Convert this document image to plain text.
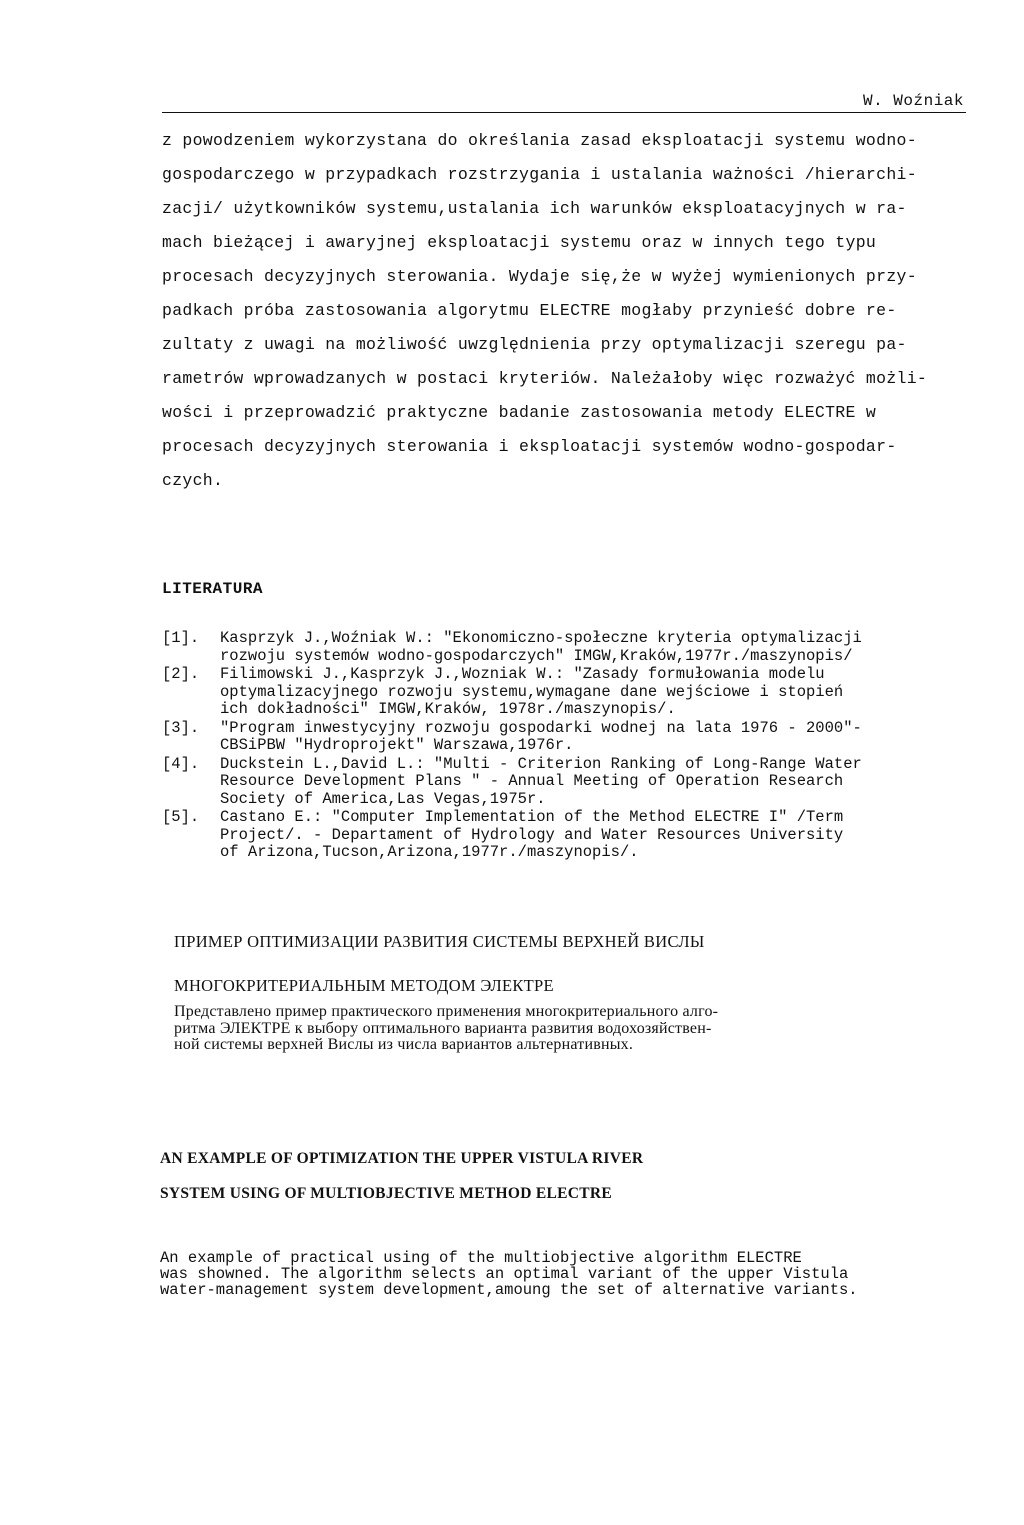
W. Woźniak
z powodzeniem wykorzystana do określania zasad eksploatacji systemu wodno-
gospodarczego w przypadkach rozstrzygania i ustalania ważności /hierarchi-
zacji/ użytkowników systemu,ustalania ich warunków eksploatacyjnych w ra-
mach bieżącej i awaryjnej eksploatacji systemu oraz w innych tego typu
procesach decyzyjnych sterowania. Wydaje się,że w wyżej wymienionych przy-
padkach próba zastosowania algorytmu ELECTRE mogłaby przynieść dobre re-
zultaty z uwagi na możliwość uwzględnienia przy optymalizacji szeregu pa-
rametrów wprowadzanych w postaci kryteriów. Należałoby więc rozważyć możli-
wości i przeprowadzić praktyczne badanie zastosowania metody ELECTRE w
procesach decyzyjnych sterowania i eksploatacji systemów wodno-gospodar-
czych.
LITERATURA
[1].	Kasprzyk J.,Woźniak W.: "Ekonomiczno-społeczne kryteria optymalizacji
rozwoju systemów wodno-gospodarczych" IMGW,Kraków,1977r./maszynopis/
[2].	Filimowski J.,Kasprzyk J.,Wozniak W.: "Zasady formułowania modelu
optymalizacyjnego rozwoju systemu,wymagane dane wejściowe i stopień
ich dokładności" IMGW,Kraków, 1978r./maszynopis/.
[3].	"Program inwestycyjny rozwoju gospodarki wodnej na lata 1976 - 2000"-
CBSiPBW "Hydroprojekt" Warszawa,1976r.
[4].	Duckstein L.,David L.: "Multi - Criterion Ranking of Long-Range Water
Resource Development Plans " - Annual Meeting of Operation Research
Society of America,Las Vegas,1975r.
[5].	Castano E.: "Computer Implementation of the Method ELECTRE I" /Term
Project/. - Departament of Hydrology and Water Resources University
of Arizona,Tucson,Arizona,1977r./maszynopis/.
ПРИМЕР ОПТИМИЗАЦИИ РАЗВИТИЯ СИСТЕМЫ ВЕРХНЕЙ ВИСЛЫ
МНОГОКРИТЕРИАЛЬНЫМ МЕТОДОМ ЭЛЕКТРЕ
Представлено пример практического применения многокритериального алго-
ритма ЭЛЕКТРЕ к выбору оптимального варианта развития водохозяйствен-
ной системы верхней Вислы из числа вариантов альтернативных.
AN EXAMPLE OF OPTIMIZATION THE UPPER VISTULA RIVER
SYSTEM USING OF MULTIOBJECTIVE METHOD ELECTRE
An example of practical using of the multiobjective algorithm ELECTRE
was showned. The algorithm selects an optimal variant of the upper Vistula
water-management system development,amoung the set of alternative variants.
